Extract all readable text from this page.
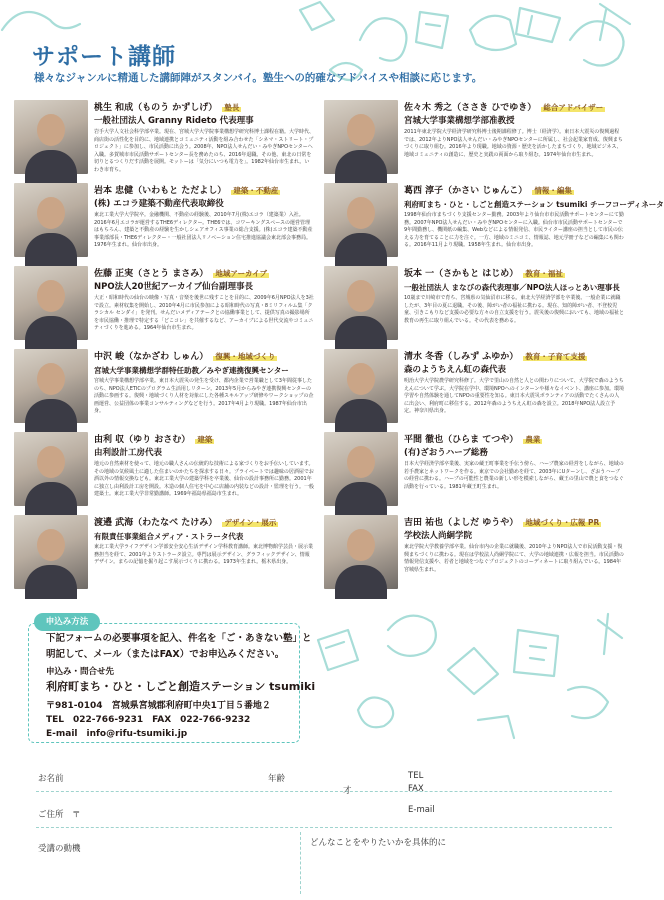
サポート講師
様々なジャンルに精通した講師陣がスタンバイ。塾生への的確なアドバイスや相談に応じます。
桃生 和成（ものう かずしげ） 塾長
一般社団法人 Granny Rideto 代表理事
岩手大学人文社会科学部卒業。現在、宮城大学大学院事業構想学研究科博士課程在籍。大学時代、商店街の活性化を目的に、地域連携とコミュニティ活動を組み合わせた「シネマ・ストリート・プロジェクト」に参加し、市民活動に出会う。2008年、NPO法人せんだい・みやぎNPOセンターへ入職。多賀城市市民活動サポートセンター長を務めたのち、2016年退職。その他、東北の日常を切りとるつくりだす活動を展開。モットーは「気分にいつも電力を」。1982年仙台市生まれ。いわき市育ち。
佐々木 秀之（ささき ひでゆき） 総合アドバイザー
宮城大学事業構想学部准教授
2011年東北学院大学経済学研究科博士後期課程修了。博士（経済学）。東日本大震災の復興過程では、2012年よりNPO法人せんだい・みやぎNPOセンターに所属し、社会起業家育成、復興まちづくりに取り組む。2016年より現職。地域の資源・歴史を活かしたまちづくり、地域ビジネス、地域コミュニティの創造に、歴史と実践の両面から取り組む。1974年仙台市生まれ。
岩本 忠健（いわもと ただよし） 建築・不動産
(株) エコラ建築不動産代表取締役
東北工業大学大学院卒。金融機関、不動産の経験後、2010年7月(株)エコラ（建築業）入社。2016年6月エコラが運営するTHE6ディレクター。THE6では、コワーキングスペースの運営管理はもちろん、建築と不動産の経験を生かしシェアオフィス事業の総合支援。(株)エコラ建築不動産事業部部長・THE6ディレクター・一般社団法人リノベーション住宅推進協議会東北部会事務局。1976年生まれ。仙台市出身。
葛西 淳子（かさい じゅんこ） 情報・編集
利府町まち・ひと・しごと創造ステーション tsumiki チーフコーディネータ
1998年仙台市まちづくり支援センター勤務。2003年より仙台市市民活動サポートセンターにて勤務。2007年NPO法人せんだい・みやぎNPOセンターに入職。仙台市市民活動サポートセンターで9年間勤務し、機関紙の編集、Webなどによる情報発信、市民ライター講座の担当として市民の伝える力を育てることに力を注ぐ。一方、地域のミニコミ、情報誌、地元学冊子などの編集にも関わる。2016年11月より現職。1958年生まれ。仙台市出身。
佐藤 正実（さとう まさみ） 地域アーカイブ
NPO法人20世紀アーカイブ仙台副理事長
大正・昭和時代の仙台の映像・写真・音楽を後世に残すことを目的に、2009年6月NPO法人を3社で設立。素材収集を開始し、2010年4月に市民参加による昭和時代の写真・8ミリフィルム集「クラシカル センダイ」を発刊。せんだいメディアテークとの協働事業として、提供写真の撮影場所を市民協働・推理で特定する「どこコレ」を共催するなど、アーカイブによる世代交流やコミュニティづくりを進める。1964年仙台市生まれ。
坂本 一（さかもと はじめ） 教育・福祉
一般社団法人 まなびの森代表理事／NPO法人ほっとあい理事長
10歳まで川崎市で育ち、宮城県の気仙沼市に移る。東北大学経済学部を卒業後、一般企業に就職したが、3年目の夏に退職。その後、障がい者の福祉に携わる。現在、知的障がい者、不登校児童、引きこもりなど支援の必要な方々の自立支援を行う。震災後の復興においても、地域の福祉と教育の再生に取り組んでいる。その代表を務める。
中沢 峻（なかざわ しゅん） 復興・地域づくり
宮城大学事業構想学群特任助教／みやぎ連携復興センター
宮城大学事業構想学部卒業。東日本大震災の発生を受け、都内企業で営業職として3年間従事したのち、NPO法人ETICのプログラム生活用しリターン。2013年5月からみやぎ連携復興センターの活動に参画する。復興・地域づくり人材を対象にした各種スキルアップ研修やワークショップの企画運営、公益団体の事業コンサルティングなどを行う。2017年4月より現職。1987年仙台市出身。
清水 冬香（しみず ふゆか） 教育・子育て支援
森のようちえん虹の森代表
明治大学大学院農学研究科修了。大学で里山の自然と人との関わりについて、大学院で森のようちえんについて学ぶ。大学院在学中、環境NPOへのインターンや様々なイベント、講座に参加。環境学習や自然体験を通してNPOの重要性を知る。東日本大震災ボランティアの活動でたくさんの人に出会い、利府町に移住する。2012年森のようちえん虹の森を設立。2018年NPO法人設立予定。神奈川県出身。
由利 収（ゆり おさむ） 建築
由利設計工房代表
地元の自然素材を使って、地元の職人さんの伝統的な技術による家づくりをお手伝いしています。その地域の気候風土に適した住まいのかたちを探求する日々。プライベートでは趣味の居酒屋でお酒以外の情報交換なども。東北工業大学の建築学科を卒業後、仙台の設計事務所に勤務。2001年に独立し由利設計工房を開設。木造の個人住宅を中心に店舗の内装などの設計・監理を行う。一般建築士。東北工業大学非常勤講師。1969年福島県福島市生まれ。
平間 徹也（ひらま てつや） 農業
(有)ざおうハーブ総務
日本大学経済学部卒業後、実家の蔵王町事業を手伝う傍ら、ハーブ農家の経営をしながら、地域の若手農家とネットワークを作る。東京での会社勤めを経て、2003年にUターンし、ざおうハーブの経営に携わる。ハーブの可能性と農業の新しい形を模索しながら、蔵王の里山で農と食をつなぐ活動を行っている。1981年蔵王町生まれ。
渡邉 武海（わたなべ たけみ） デザイン・展示
有限責任事業組合メディア・ストラータ代表
東北工業大学ライフデザイン学部安全安心生活デザイン学科教育講師。東北博物館学芸員・展示業務担当を経て、2001年よりストラータ設立。専門は展示デザイン、グラフィックデザイン、情報デザイン。まちの記憶を掘り起こす展示づくりに携わる。1973年生まれ。栃木県出身。
吉田 祐也（よしだ ゆうや） 地域づくり・広報 PR
学校法人尚絅学院
東北学院大学教養学部卒業。仙台市内の企業に就職後、2010年よりNPO法人で市民活動支援・復興まちづくりに携わる。現在は学校法人尚絅学院にて、大学の地域連携・広報を担当。市民活動の情報発信支援や、若者と地域をつなぐプロジェクトのコーディネートに取り組んでいる。1984年宮城県生まれ。
申込み方法
下記フォームの必要事項を記入、件名を「ご・あきない塾」と
明記して、メール（またはFAX）でお申込みください。
申込み・問合せ先
利府町まち・ひと・しごと創造ステーション tsumiki
〒981-0104　宮城県宮城郡利府町中央1丁目５番地２
TEL　022-766-9231　FAX　022-766-9232
E-mail　info@rifu-tsumiki.jp
お名前	年齢
才
TEL
FAX
ご住所　〒	E-mail
受講の動機
どんなことをやりたいかを具体的に
